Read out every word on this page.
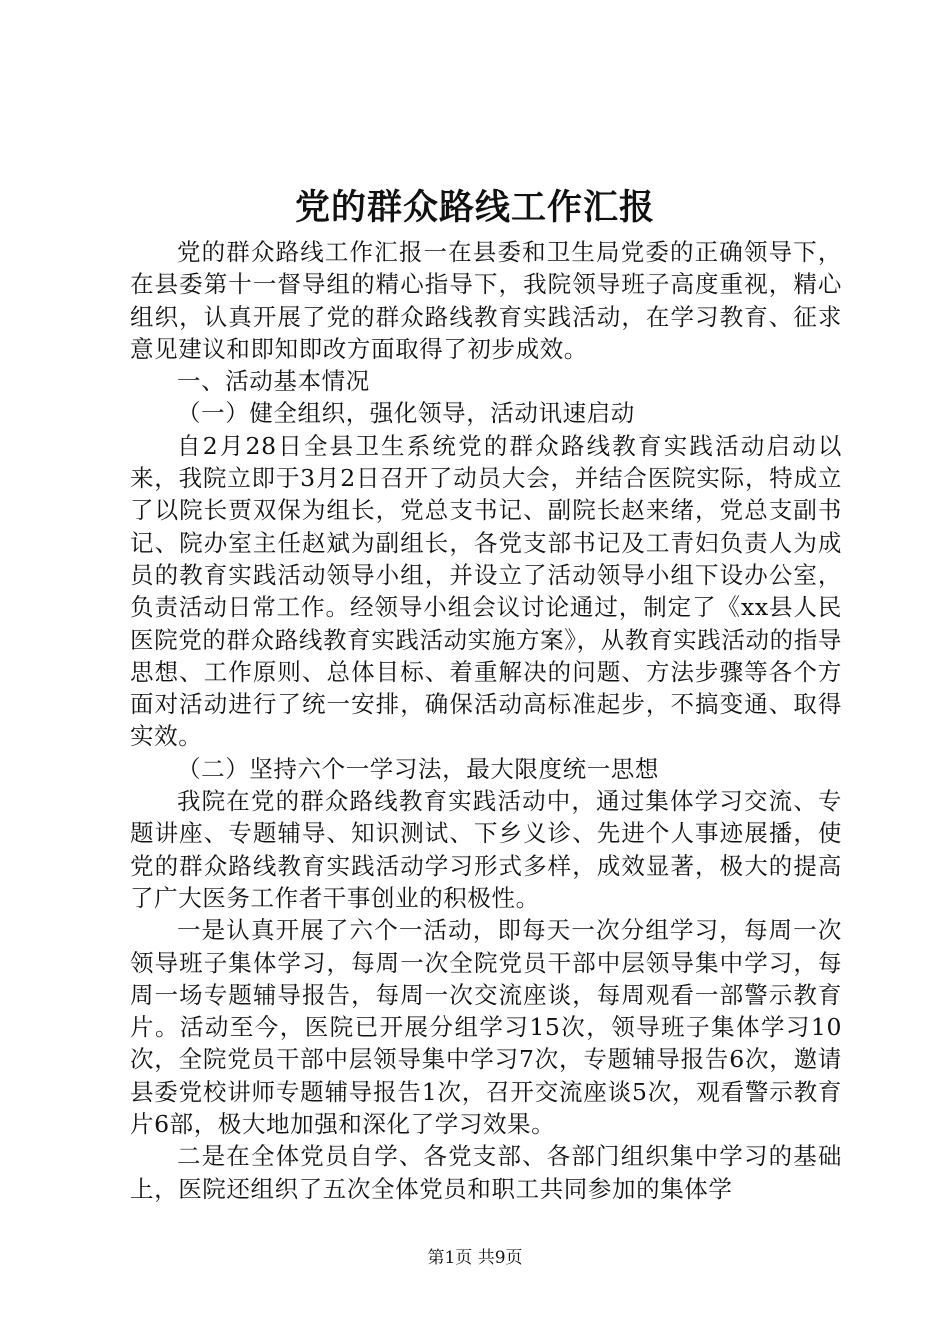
党的群众路线工作汇报

党的群众路线工作汇报一在县委和卫生局党委的正确领导下，在县委第十一督导组的精心指导下，我院领导班子高度重视，精心组织，认真开展了党的群众路线教育实践活动，在学习教育、征求意见建议和即知即改方面取得了初步成效。

一、活动基本情况

（一）健全组织，强化领导，活动讯速启动

自2月28日全县卫生系统党的群众路线教育实践活动启动以来，我院立即于3月2日召开了动员大会，并结合医院实际，特成立了以院长贾双保为组长，党总支书记、副院长赵来绪，党总支副书记、院办室主任赵斌为副组长，各党支部书记及工青妇负责人为成员的教育实践活动领导小组，并设立了活动领导小组下设办公室，负责活动日常工作。经领导小组会议讨论通过，制定了《xx县人民医院党的群众路线教育实践活动实施方案》，从教育实践活动的指导思想、工作原则、总体目标、着重解决的问题、方法步骤等各个方面对活动进行了统一安排，确保活动高标准起步，不搞变通、取得实效。

（二）坚持六个一学习法，最大限度统一思想

我院在党的群众路线教育实践活动中，通过集体学习交流、专题讲座、专题辅导、知识测试、下乡义诊、先进个人事迹展播，使党的群众路线教育实践活动学习形式多样，成效显著，极大的提高了广大医务工作者干事创业的积极性。

一是认真开展了六个一活动，即每天一次分组学习，每周一次领导班子集体学习，每周一次全院党员干部中层领导集中学习，每周一场专题辅导报告，每周一次交流座谈，每周观看一部警示教育片。活动至今，医院已开展分组学习15次，领导班子集体学习10次，全院党员干部中层领导集中学习7次，专题辅导报告6次，邀请县委党校讲师专题辅导报告1次，召开交流座谈5次，观看警示教育片6部，极大地加强和深化了学习效果。

二是在全体党员自学、各党支部、各部门组织集中学习的基础上，医院还组织了五次全体党员和职工共同参加的集体学

第1页 共9页
